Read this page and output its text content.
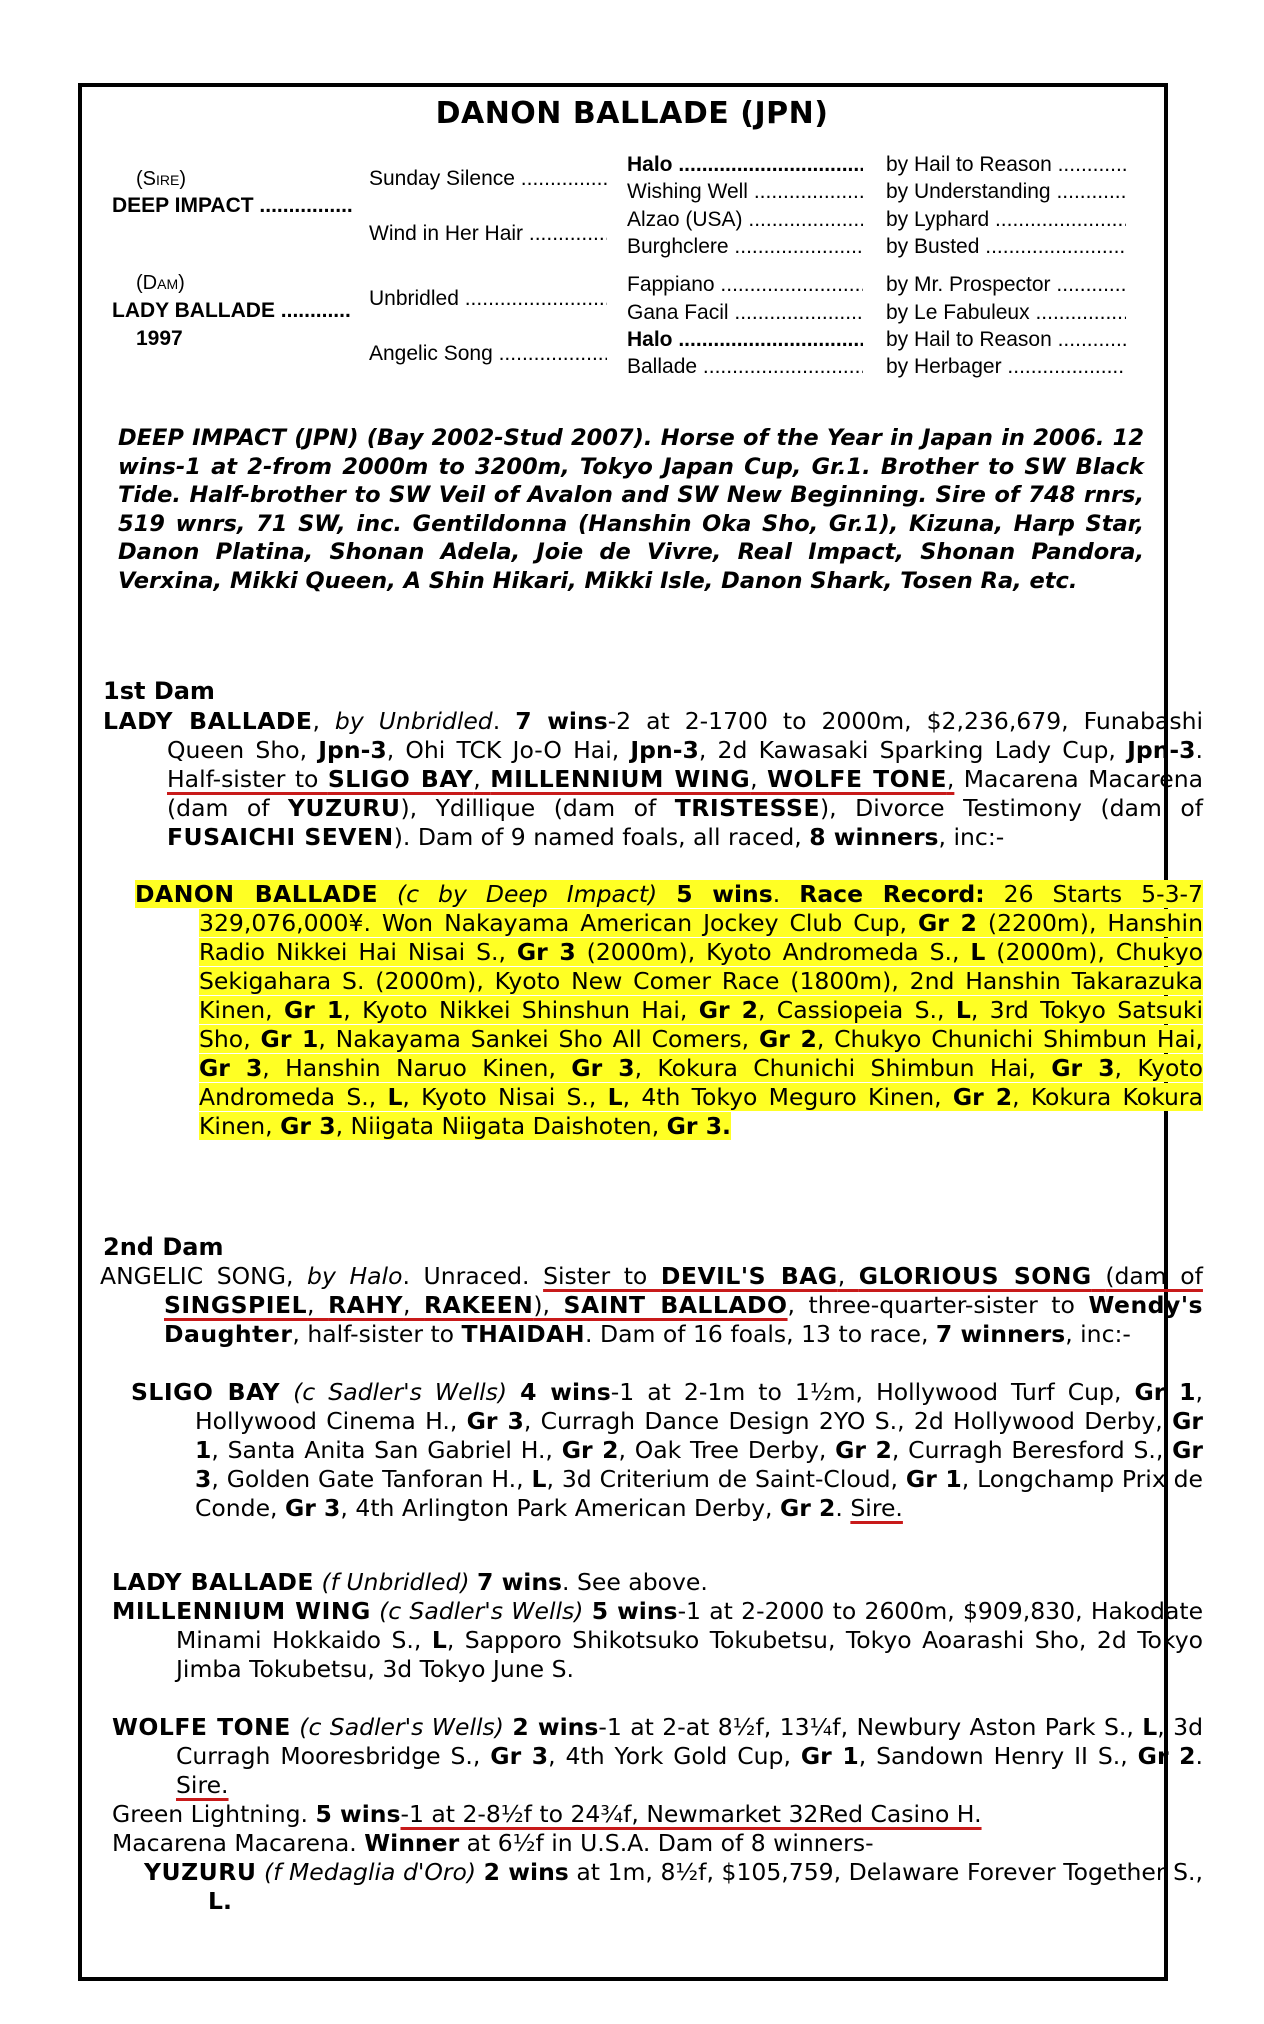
DANON BALLADE (JPN)
(Sire)
DEEP IMPACT .....
(Dam)
LADY BALLADE .....
1997
Sunday Silence .....
Wind in Her Hair .....
Unbridled .....
Angelic Song .....
Halo .....
Wishing Well .....
Alzao (USA) .....
Burghclere .....
Fappiano .....
Gana Facil .....
Halo .....
Ballade .....
by Hail to Reason .....
by Understanding .....
by Lyphard .....
by Busted .....
by Mr. Prospector .....
by Le Fabuleux .....
by Hail to Reason .....
by Herbager .....

DEEP IMPACT (JPN) (Bay 2002-Stud 2007). Horse of the Year in Japan in 2006. 12 wins-1 at 2-from 2000m to 3200m, Tokyo Japan Cup, Gr.1. Brother to SW Black Tide. Half-brother to SW Veil of Avalon and SW New Beginning. Sire of 748 rnrs, 519 wnrs, 71 SW, inc. Gentildonna (Hanshin Oka Sho, Gr.1), Kizuna, Harp Star, Danon Platina, Shonan Adela, Joie de Vivre, Real Impact, Shonan Pandora, Verxina, Mikki Queen, A Shin Hikari, Mikki Isle, Danon Shark, Tosen Ra, etc.

1st Dam

LADY BALLADE, by Unbridled. 7 wins-2 at 2-1700 to 2000m, $2,236,679, Funabashi Queen Sho, Jpn-3, Ohi TCK Jo-O Hai, Jpn-3, 2d Kawasaki Sparking Lady Cup, Jpn-3. Half-sister to SLIGO BAY, MILLENNIUM WING, WOLFE TONE, Macarena Macarena (dam of YUZURU), Ydillique (dam of TRISTESSE), Divorce Testimony (dam of FUSAICHI SEVEN). Dam of 9 named foals, all raced, 8 winners, inc:-

DANON BALLADE (c by Deep Impact) 5 wins. Race Record: 26 Starts 5-3-7 329,076,000¥. Won Nakayama American Jockey Club Cup, Gr 2 (2200m), Hanshin Radio Nikkei Hai Nisai S., Gr 3 (2000m), Kyoto Andromeda S., L (2000m), Chukyo Sekigahara S. (2000m), Kyoto New Comer Race (1800m), 2nd Hanshin Takarazuka Kinen, Gr 1, Kyoto Nikkei Shinshun Hai, Gr 2, Cassiopeia S., L, 3rd Tokyo Satsuki Sho, Gr 1, Nakayama Sankei Sho All Comers, Gr 2, Chukyo Chunichi Shimbun Hai, Gr 3, Hanshin Naruo Kinen, Gr 3, Kokura Chunichi Shimbun Hai, Gr 3, Kyoto Andromeda S., L, Kyoto Nisai S., L, 4th Tokyo Meguro Kinen, Gr 2, Kokura Kokura Kinen, Gr 3, Niigata Niigata Daishoten, Gr 3.

2nd Dam

ANGELIC SONG, by Halo. Unraced. Sister to DEVIL'S BAG, GLORIOUS SONG (dam of SINGSPIEL, RAHY, RAKEEN), SAINT BALLADO, three-quarter-sister to Wendy's Daughter, half-sister to THAIDAH. Dam of 16 foals, 13 to race, 7 winners, inc:-

SLIGO BAY (c Sadler's Wells) 4 wins-1 at 2-1m to 1½m, Hollywood Turf Cup, Gr 1, Hollywood Cinema H., Gr 3, Curragh Dance Design 2YO S., 2d Hollywood Derby, Gr 1, Santa Anita San Gabriel H., Gr 2, Oak Tree Derby, Gr 2, Curragh Beresford S., Gr 3, Golden Gate Tanforan H., L, 3d Criterium de Saint-Cloud, Gr 1, Longchamp Prix de Conde, Gr 3, 4th Arlington Park American Derby, Gr 2. Sire.

LADY BALLADE (f Unbridled) 7 wins. See above.

MILLENNIUM WING (c Sadler's Wells) 5 wins-1 at 2-2000 to 2600m, $909,830, Hakodate Minami Hokkaido S., L, Sapporo Shikotsuko Tokubetsu, Tokyo Aoarashi Sho, 2d Tokyo Jimba Tokubetsu, 3d Tokyo June S.

WOLFE TONE (c Sadler's Wells) 2 wins-1 at 2-at 8½f, 13¼f, Newbury Aston Park S., L, 3d Curragh Mooresbridge S., Gr 3, 4th York Gold Cup, Gr 1, Sandown Henry II S., Gr 2. Sire.

Green Lightning. 5 wins-1 at 2-8½f to 24¾f, Newmarket 32Red Casino H.

Macarena Macarena. Winner at 6½f in U.S.A. Dam of 8 winners-

YUZURU (f Medaglia d'Oro) 2 wins at 1m, 8½f, $105,759, Delaware Forever Together S., L.
